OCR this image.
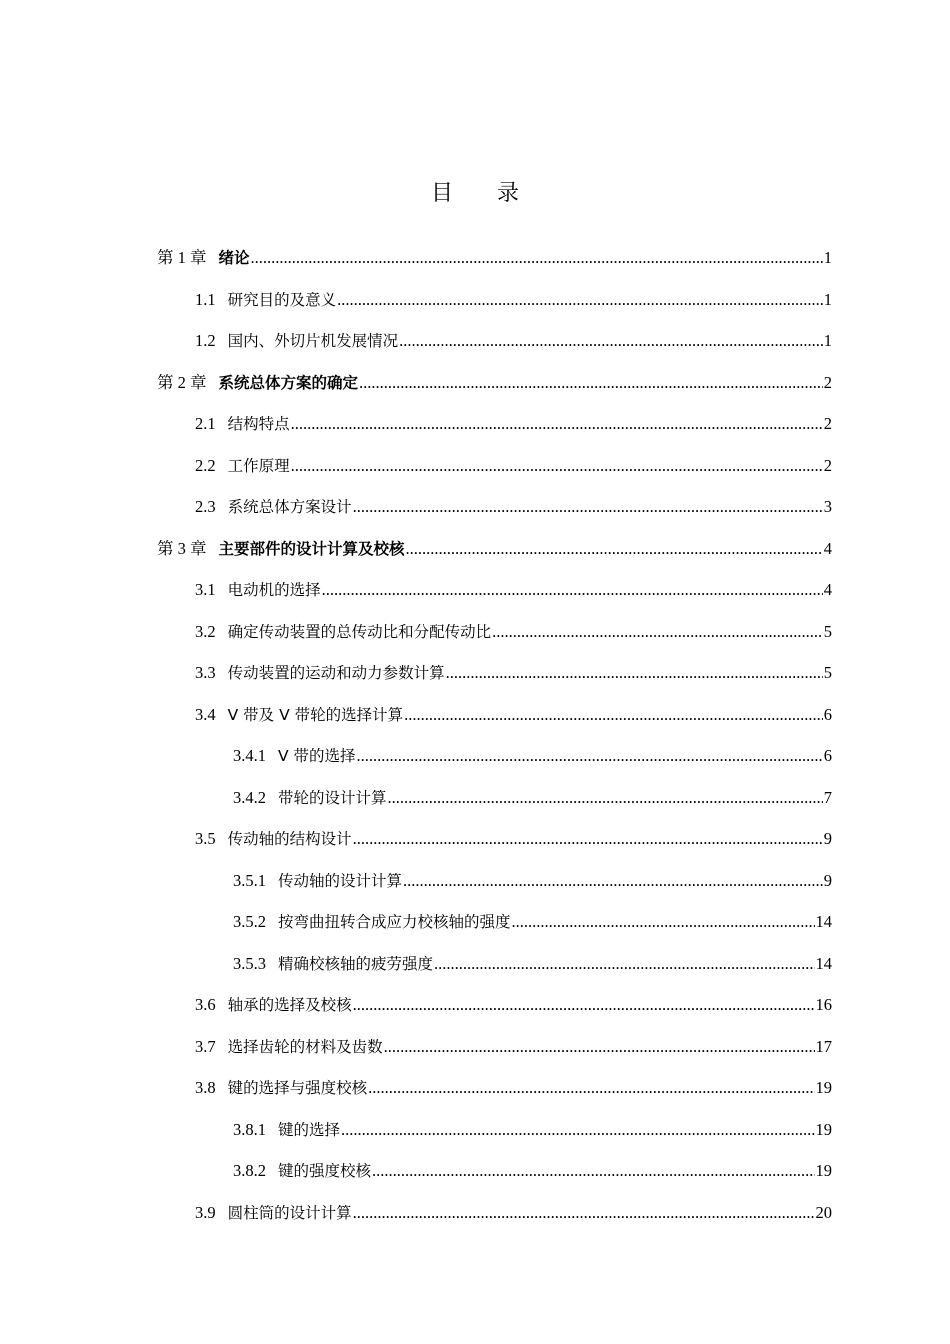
目录
第 1 章 绪论 .....	1
1.1 研究目的及意义 .....	1
1.2 国内、外切片机发展情况 .....	1
第 2 章 系统总体方案的确定 .....	2
2.1 结构特点 .....	2
2.2 工作原理 .....	2
2.3 系统总体方案设计 .....	3
第 3 章 主要部件的设计计算及校核 .....	4
3.1 电动机的选择 .....	4
3.2 确定传动装置的总传动比和分配传动比 .....	5
3.3 传动装置的运动和动力参数计算 .....	5
3.4 V 带及 V 带轮的选择计算 .....	6
3.4.1 V 带的选择 .....	6
3.4.2 带轮的设计计算 .....	7
3.5 传动轴的结构设计 .....	9
3.5.1 传动轴的设计计算 .....	9
3.5.2 按弯曲扭转合成应力校核轴的强度 .....	14
3.5.3 精确校核轴的疲劳强度 .....	14
3.6 轴承的选择及校核 .....	16
3.7 选择齿轮的材料及齿数 .....	17
3.8 键的选择与强度校核 .....	19
3.8.1 键的选择 .....	19
3.8.2 键的强度校核 .....	19
3.9 圆柱筒的设计计算 .....	20
